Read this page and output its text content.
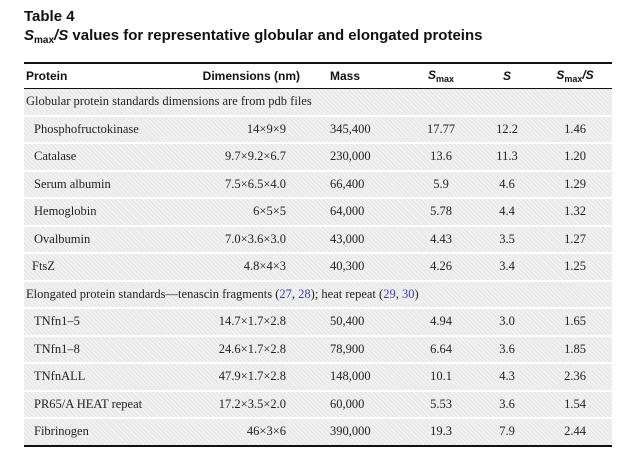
Table 4
$S_{max}/S$ values for representative globular and elongated proteins
Protein	Dimensions (nm)	Mass	$S_{max}$	S	$S_{max}/S$
Globular protein standards dimensions are from pdb files					
Phosphofructokinase	14×9×9	345,400	17.77	12.2	1.46
Catalase	9.7×9.2×6.7	230,000	13.6	11.3	1.20
Serum albumin	7.5×6.5×4.0	66,400	5.9	4.6	1.29
Hemoglobin	6×5×5	64,000	5.78	4.4	1.32
Ovalbumin	7.0×3.6×3.0	43,000	4.43	3.5	1.27
FtsZ	4.8×4×3	40,300	4.26	3.4	1.25
Elongated protein standards—tenascin fragments (27, 28); heat repeat (29, 30)					
TNfn1–5	14.7×1.7×2.8	50,400	4.94	3.0	1.65
TNfn1–8	24.6×1.7×2.8	78,900	6.64	3.6	1.85
TNfnALL	47.9×1.7×2.8	148,000	10.1	4.3	2.36
PR65/A HEAT repeat	17.2×3.5×2.0	60,000	5.53	3.6	1.54
Fibrinogen	46×3×6	390,000	19.3	7.9	2.44
